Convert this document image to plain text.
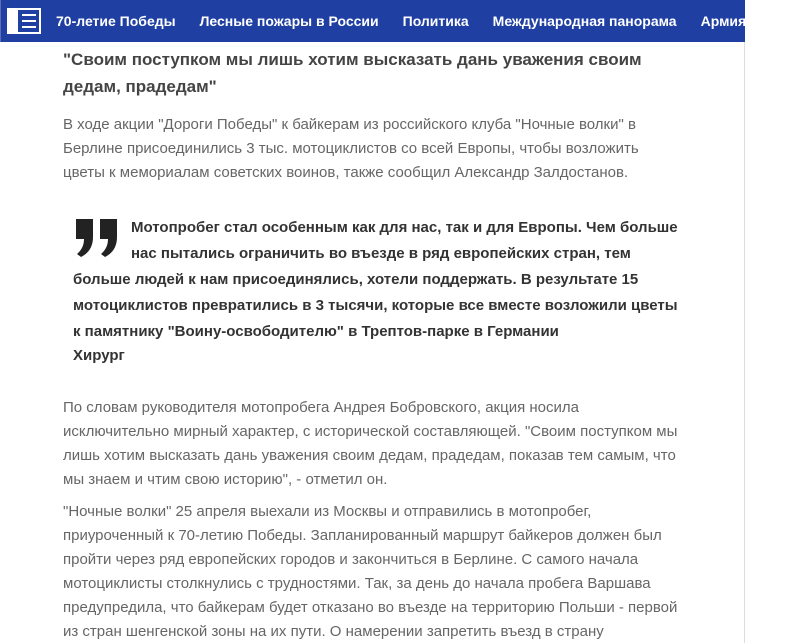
70-летие Победы Лесные пожары в России Политика Международная панорама Армия и ОПК
"Своим поступком мы лишь хотим высказать дань уважения своим дедам, прадедам"

В ходе акции "Дороги Победы" к байкерам из российского клуба "Ночные волки" в Берлине присоединились 3 тыс. мотоциклистов со всей Европы, чтобы возложить цветы к мемориалам советских воинов, также сообщил Александр Залдостанов.

Мотопробег стал особенным как для нас, так и для Европы. Чем больше нас пытались ограничить во въезде в ряд европейских стран, тем больше людей к нам присоединялись, хотели поддержать. В результате 15 мотоциклистов превратились в 3 тысячи, которые все вместе возложили цветы к памятнику "Воину-освободителю" в Трептов-парке в Германии

Хирург

По словам руководителя мотопробега Андрея Бобровского, акция носила исключительно мирный характер, с исторической составляющей. "Своим поступком мы лишь хотим высказать дань уважения своим дедам, прадедам, показав тем самым, что мы знаем и чтим свою историю", - отметил он.

"Ночные волки" 25 апреля выехали из Москвы и отправились в мотопробег, приуроченный к 70-летию Победы. Запланированный маршрут байкеров должен был пройти через ряд европейских городов и закончиться в Берлине. С самого начала мотоциклисты столкнулись с трудностями. Так, за день до начала пробега Варшава предупредила, что байкерам будет отказано во въезде на территорию Польши - первой из стран шенгенской зоны на их пути. О намерении запретить въезд в страну
